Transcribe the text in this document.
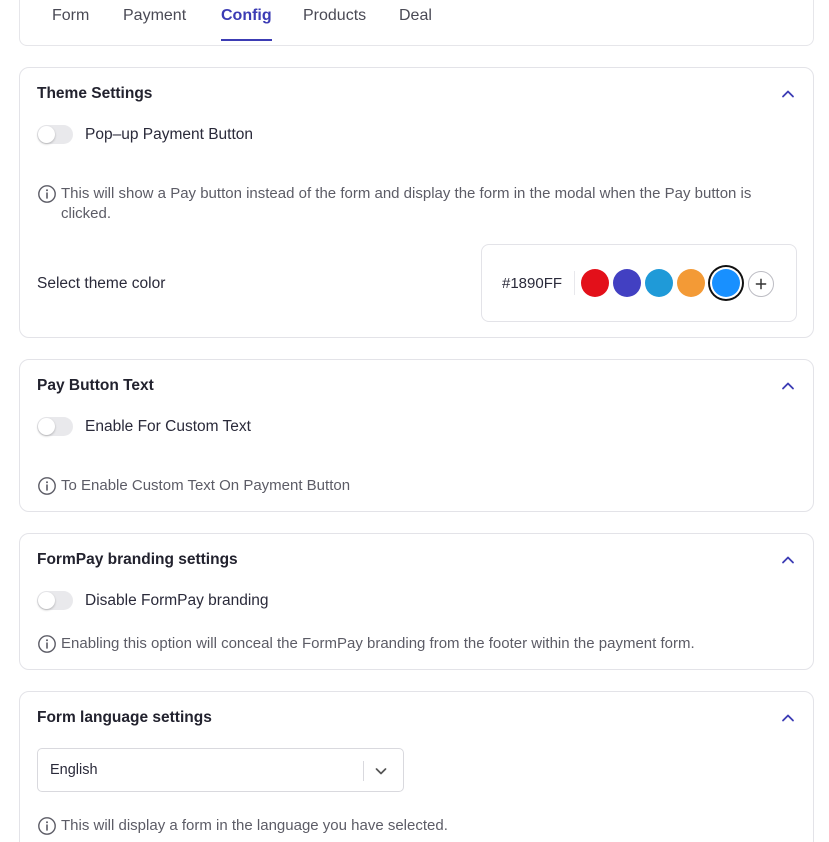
Form Payment Config Products Deal
Theme Settings
Pop–up Payment Button
This will show a Pay button instead of the form and display the form in the modal when the Pay button is clicked.
Select theme color	#1890FF
Pay Button Text
Enable For Custom Text
To Enable Custom Text On Payment Button
FormPay branding settings
Disable FormPay branding
Enabling this option will conceal the FormPay branding from the footer within the payment form.
Form language settings
English
This will display a form in the language you have selected.
